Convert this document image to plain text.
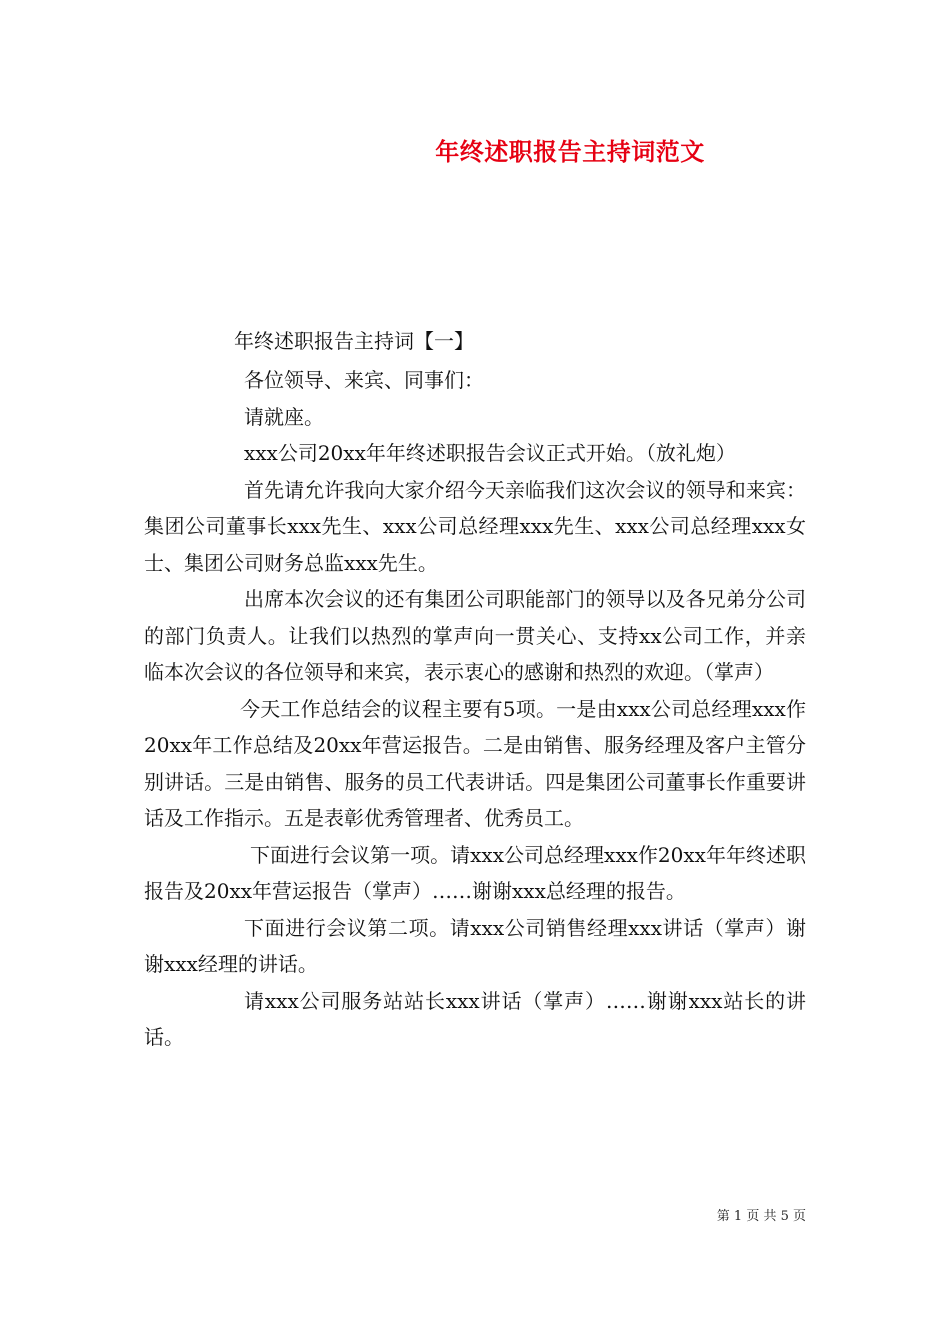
年终述职报告主持词范文
年终述职报告主持词【一】

各位领导、来宾、同事们：

请就座。

xxx公司20xx年年终述职报告会议正式开始。（放礼炮）

首先请允许我向大家介绍今天亲临我们这次会议的领导和来宾：集团公司董事长xxx先生、xxx公司总经理xxx先生、xxx公司总经理xxx女士、集团公司财务总监xxx先生。

出席本次会议的还有集团公司职能部门的领导以及各兄弟分公司的部门负责人。让我们以热烈的掌声向一贯关心、支持xx公司工作，并亲临本次会议的各位领导和来宾，表示衷心的感谢和热烈的欢迎。（掌声）

今天工作总结会的议程主要有5项。一是由xxx公司总经理xxx作20xx年工作总结及20xx年营运报告。二是由销售、服务经理及客户主管分别讲话。三是由销售、服务的员工代表讲话。四是集团公司董事长作重要讲话及工作指示。五是表彰优秀管理者、优秀员工。

下面进行会议第一项。请xxx公司总经理xxx作20xx年年终述职报告及20xx年营运报告（掌声）……谢谢xxx总经理的报告。

下面进行会议第二项。请xxx公司销售经理xxx讲话（掌声）谢谢xxx经理的讲话。

请xxx公司服务站站长xxx讲话（掌声）……谢谢xxx站长的讲话。

第 1 页 共 5 页
